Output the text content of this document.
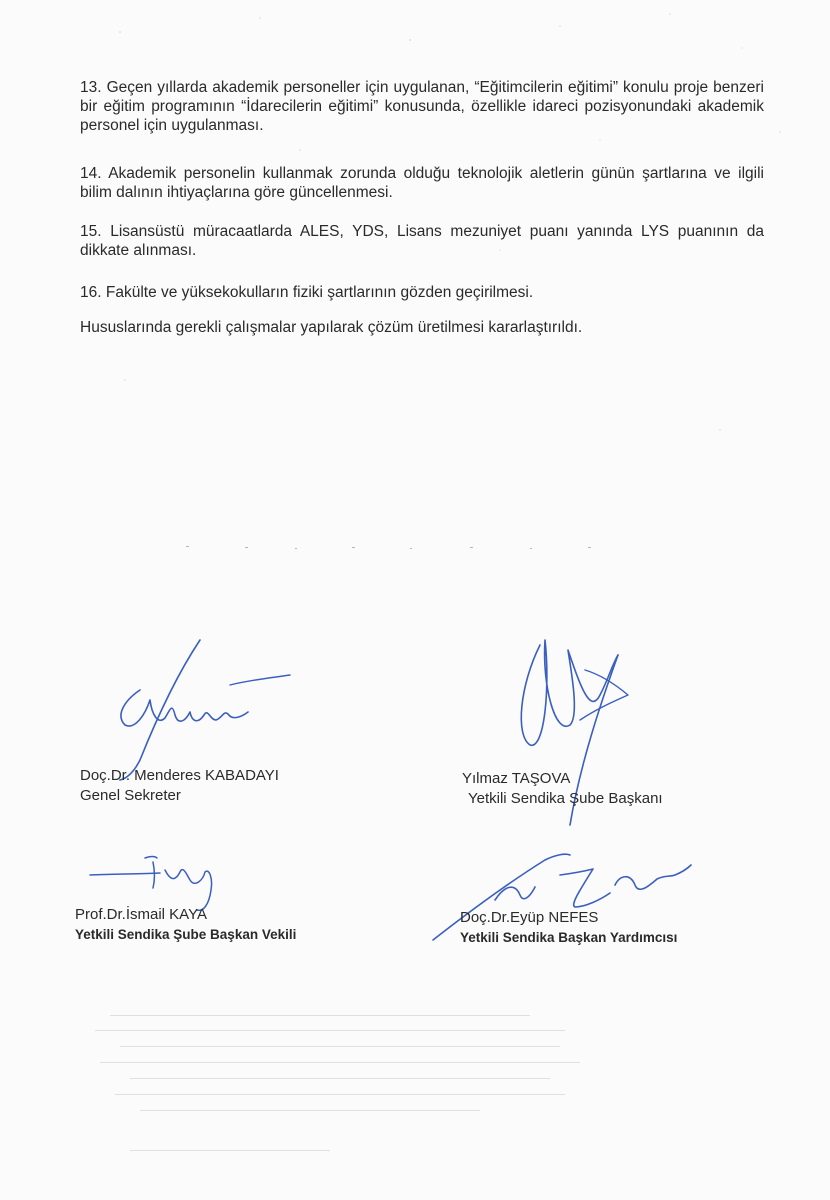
13. Geçen yıllarda akademik personeller için uygulanan, “Eğitimcilerin eğitimi” konulu proje benzeri bir eğitim programının “İdarecilerin eğitimi” konusunda, özellikle idareci pozisyonundaki akademik personel için uygulanması.
14. Akademik personelin kullanmak zorunda olduğu teknolojik aletlerin günün şartlarına ve ilgili bilim dalının ihtiyaçlarına göre güncellenmesi.
15. Lisansüstü müracaatlarda ALES, YDS, Lisans mezuniyet puanı yanında LYS puanının da dikkate alınması.
16. Fakülte ve yüksekokulların fiziki şartlarının gözden geçirilmesi.
Hususlarında gerekli çalışmalar yapılarak çözüm üretilmesi kararlaştırıldı.
Doç.Dr. Menderes KABADAYI
Genel Sekreter
Yılmaz TAŞOVA
Yetkili Sendika Şube Başkanı
Prof.Dr.İsmail KAYA
Yetkili Sendika Şube Başkan Vekili
Doç.Dr.Eyüp NEFES
Yetkili Sendika Başkan Yardımcısı
